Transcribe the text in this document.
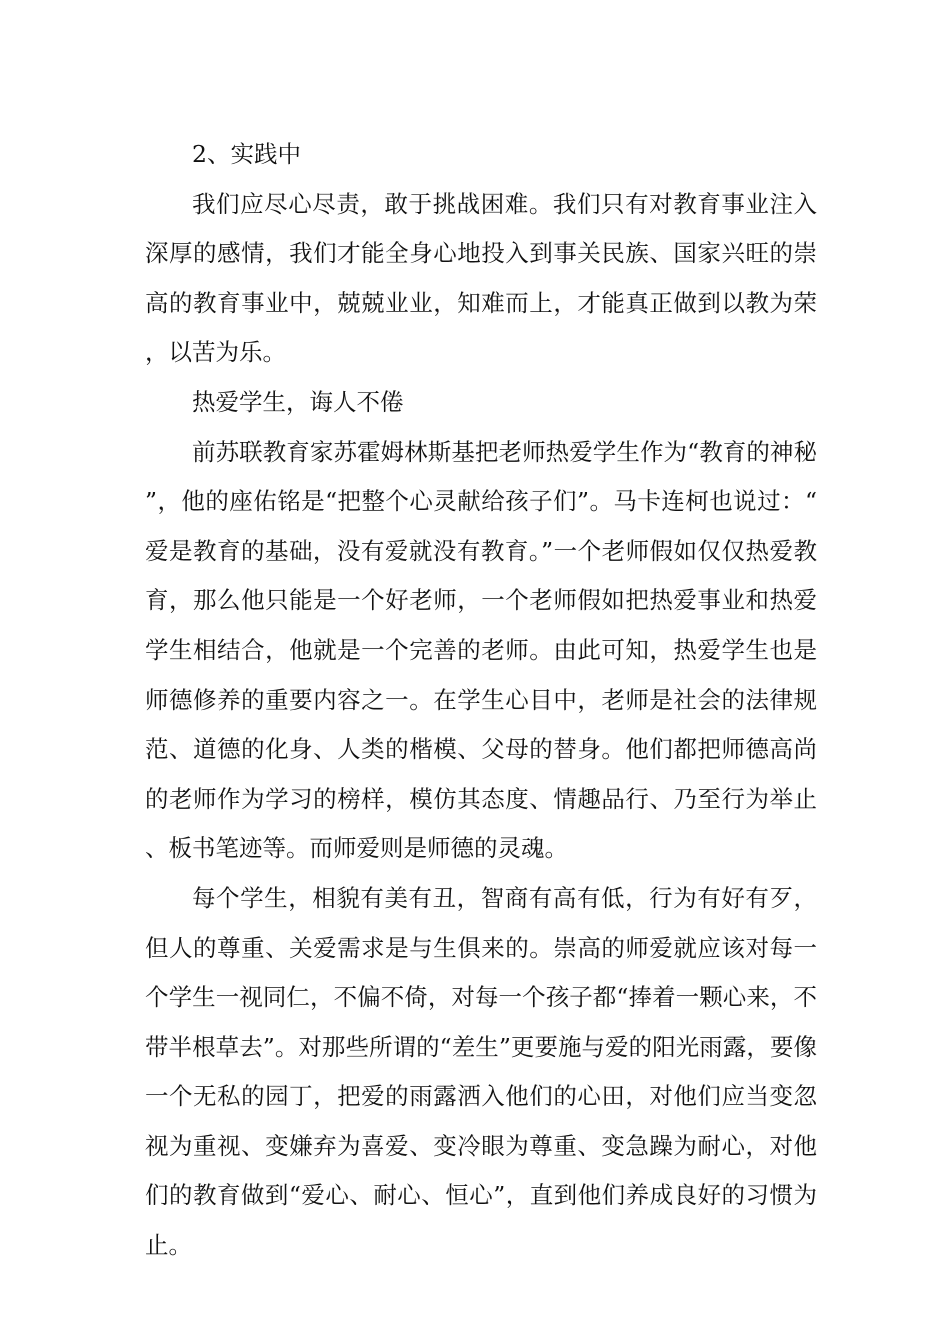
2、实践中

我们应尽心尽责，敢于挑战困难。我们只有对教育事业注入深厚的感情，我们才能全身心地投入到事关民族、国家兴旺的崇高的教育事业中，兢兢业业，知难而上，才能真正做到以教为荣，以苦为乐。

热爱学生，诲人不倦

前苏联教育家苏霍姆林斯基把老师热爱学生作为“教育的神秘”，他的座佑铭是“把整个心灵献给孩子们”。马卡连柯也说过：“爱是教育的基础，没有爱就没有教育。”一个老师假如仅仅热爱教育，那么他只能是一个好老师，一个老师假如把热爱事业和热爱学生相结合，他就是一个完善的老师。由此可知，热爱学生也是师德修养的重要内容之一。在学生心目中，老师是社会的法律规范、道德的化身、人类的楷模、父母的替身。他们都把师德高尚的老师作为学习的榜样，模仿其态度、情趣品行、乃至行为举止、板书笔迹等。而师爱则是师德的灵魂。

每个学生，相貌有美有丑，智商有高有低，行为有好有歹，但人的尊重、关爱需求是与生俱来的。崇高的师爱就应该对每一个学生一视同仁，不偏不倚，对每一个孩子都“捧着一颗心来，不带半根草去”。对那些所谓的“差生”更要施与爱的阳光雨露，要像一个无私的园丁，把爱的雨露洒入他们的心田，对他们应当变忽视为重视、变嫌弃为喜爱、变冷眼为尊重、变急躁为耐心，对他们的教育做到“爱心、耐心、恒心”，直到他们养成良好的习惯为止。
